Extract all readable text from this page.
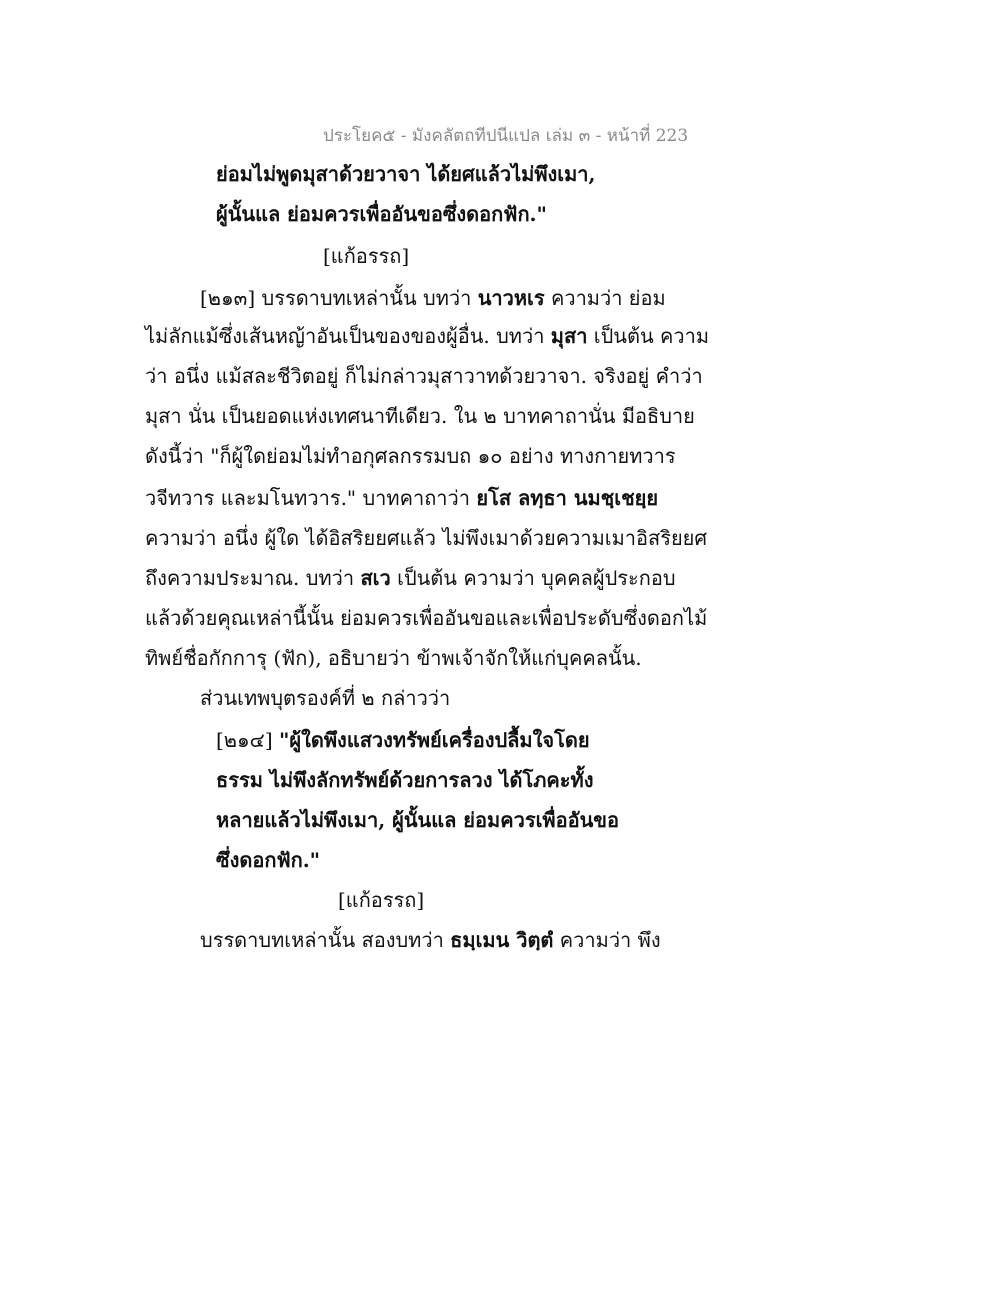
ประโยค๕ - มังคลัตถทีปนีแปล เล่ม ๓ - หน้าที่ 223
ย่อมไม่พูดมุสาด้วยวาจา ได้ยศแล้วไม่พึงเมา,
ผู้นั้นแล ย่อมควรเพื่ออันขอซึ่งดอกฟัก."
[แก้อรรถ]
[๒๑๓] บรรดาบทเหล่านั้น บทว่า นาวหเร ความว่า ย่อม
ไม่ลักแม้ซึ่งเส้นหญ้าอันเป็นของของผู้อื่น. บทว่า มุสา เป็นต้น ความ
ว่า อนึ่ง แม้สละชีวิตอยู่ ก็ไม่กล่าวมุสาวาทด้วยวาจา. จริงอยู่ คำว่า
มุสา นั่น เป็นยอดแห่งเทศนาทีเดียว. ใน ๒ บาทคาถานั่น มีอธิบาย
ดังนี้ว่า "ก็ผู้ใดย่อมไม่ทำอกุศลกรรมบถ ๑๐ อย่าง ทางกายทวาร
วจีทวาร และมโนทวาร." บาทคาถาว่า ยโส ลทฺธา นมชฺเชยฺย
ความว่า อนึ่ง ผู้ใด ได้อิสริยยศแล้ว ไม่พึงเมาด้วยความเมาอิสริยยศ
ถึงความประมาณ. บทว่า สเว เป็นต้น ความว่า บุคคลผู้ประกอบ
แล้วด้วยคุณเหล่านี้นั้น ย่อมควรเพื่ออันขอและเพื่อประดับซึ่งดอกไม้
ทิพย์ชื่อกักการุ (ฟัก), อธิบายว่า ข้าพเจ้าจักให้แก่บุคคลนั้น.
ส่วนเทพบุตรองค์ที่ ๒ กล่าวว่า
[๒๑๔] "ผู้ใดพึงแสวงทรัพย์เครื่องปลื้มใจโดย
ธรรม ไม่พึงลักทรัพย์ด้วยการลวง ได้โภคะทั้ง
หลายแล้วไม่พึงเมา, ผู้นั้นแล ย่อมควรเพื่ออันขอ
ซึ่งดอกฟัก."
[แก้อรรถ]
บรรดาบทเหล่านั้น สองบทว่า ธมฺเมน วิตฺตํ ความว่า พึง
